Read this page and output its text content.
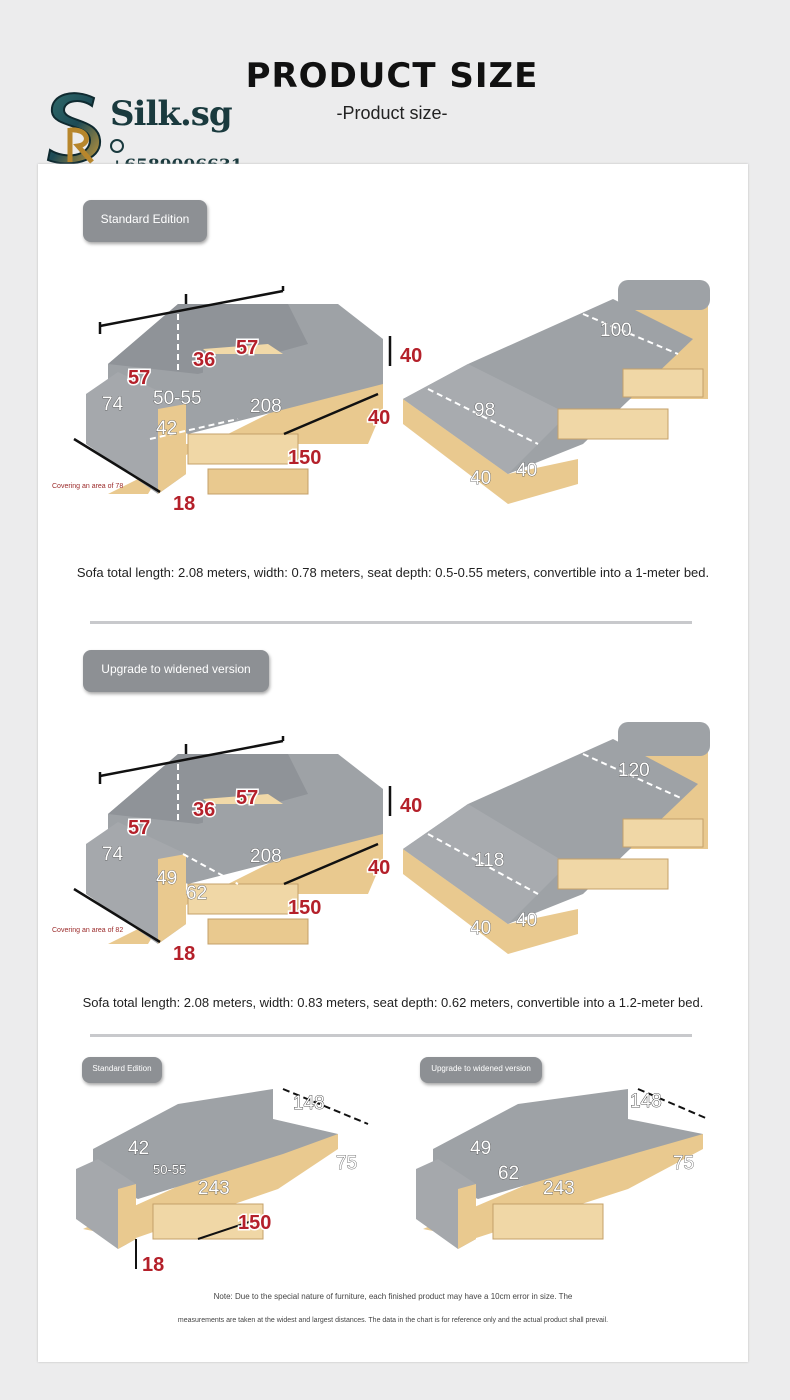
PRODUCT SIZE
-Product size-
Silk.sg
Standard Edition
57
36
57
42
50-55
74	208
40
40
150
18
100
98
40 40
Covering an area of 78
Sofa total length: 2.08 meters, width: 0.78 meters, seat depth: 0.5-0.55 meters, convertible into a 1-meter bed.
Upgrade to widened version
57
36
57
49
62
74	208
40
40
150
18
120
118
40 40
Covering an area of 82
Sofa total length: 2.08 meters, width: 0.83 meters, seat depth: 0.62 meters, convertible into a 1.2-meter bed.
Standard Edition	Upgrade to widened version
148
42
50-55
243
75
150
18
148
49
62
243
75
Note: Due to the special nature of furniture, each finished product may have a 10cm error in size. The
measurements are taken at the widest and largest distances. The data in the chart is for reference only and the actual product shall prevail.
